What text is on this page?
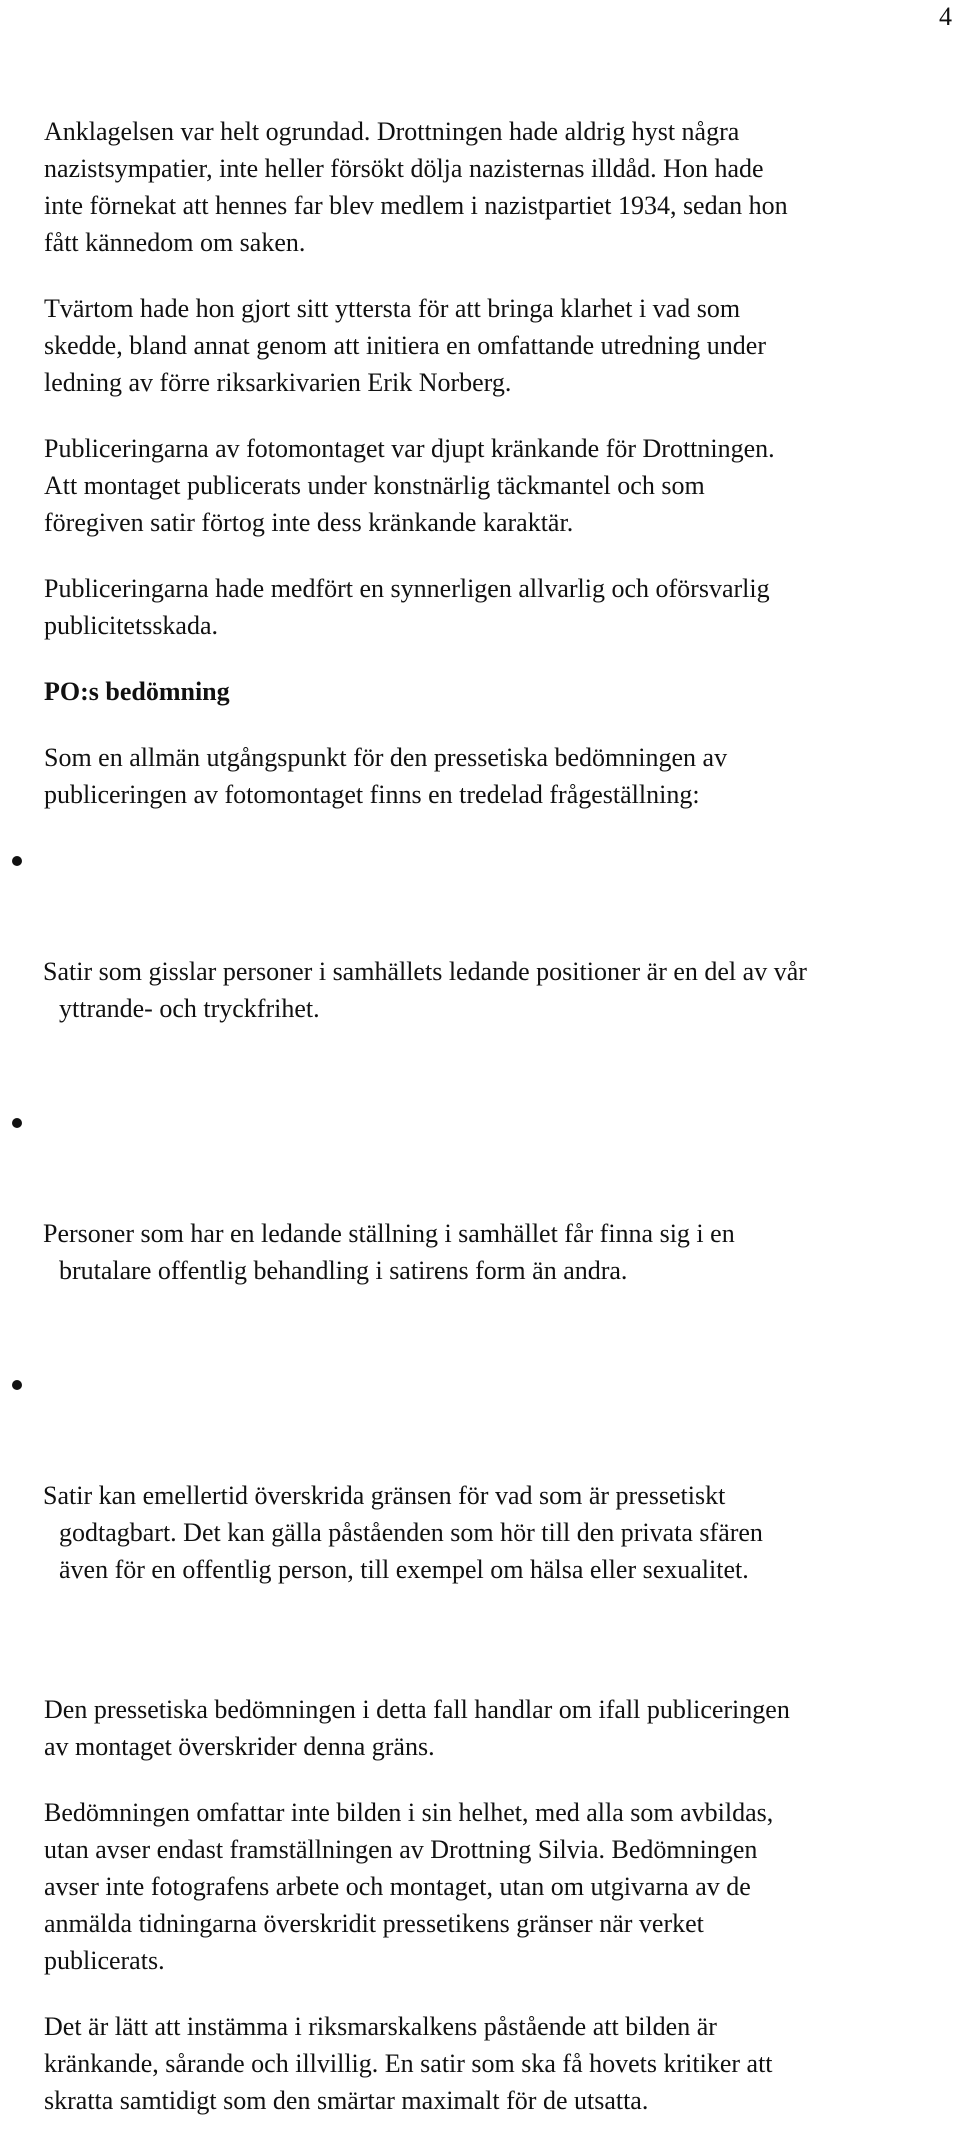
4

Anklagelsen var helt ogrundad. Drottningen hade aldrig hyst några
nazistsympatier, inte heller försökt dölja nazisternas illdåd. Hon hade
inte förnekat att hennes far blev medlem i nazistpartiet 1934, sedan hon
fått kännedom om saken.

Tvärtom hade hon gjort sitt yttersta för att bringa klarhet i vad som
skedde, bland annat genom att initiera en omfattande utredning under
ledning av förre riksarkivarien Erik Norberg.

Publiceringarna av fotomontaget var djupt kränkande för Drottningen.
Att montaget publicerats under konstnärlig täckmantel och som
föregiven satir förtog inte dess kränkande karaktär.

Publiceringarna hade medfört en synnerligen allvarlig och oförsvarlig
publicitetsskada.

PO:s bedömning

Som en allmän utgångspunkt för den pressetiska bedömningen av
publiceringen av fotomontaget finns en tredelad frågeställning:

Satir som gisslar personer i samhällets ledande positioner är en del av vår

yttrande- och tryckfrihet.

Personer som har en ledande ställning i samhället får finna sig i en

brutalare offentlig behandling i satirens form än andra.

Satir kan emellertid överskrida gränsen för vad som är pressetiskt

godtagbart. Det kan gälla påståenden som hör till den privata sfären
även för en offentlig person, till exempel om hälsa eller sexualitet.

Den pressetiska bedömningen i detta fall handlar om ifall publiceringen
av montaget överskrider denna gräns.

Bedömningen omfattar inte bilden i sin helhet, med alla som avbildas,
utan avser endast framställningen av Drottning Silvia. Bedömningen
avser inte fotografens arbete och montaget, utan om utgivarna av de
anmälda tidningarna överskridit pressetikens gränser när verket
publicerats.

Det är lätt att instämma i riksmarskalkens påstående att bilden är
kränkande, sårande och illvillig. En satir som ska få hovets kritiker att
skratta samtidigt som den smärtar maximalt för de utsatta.
